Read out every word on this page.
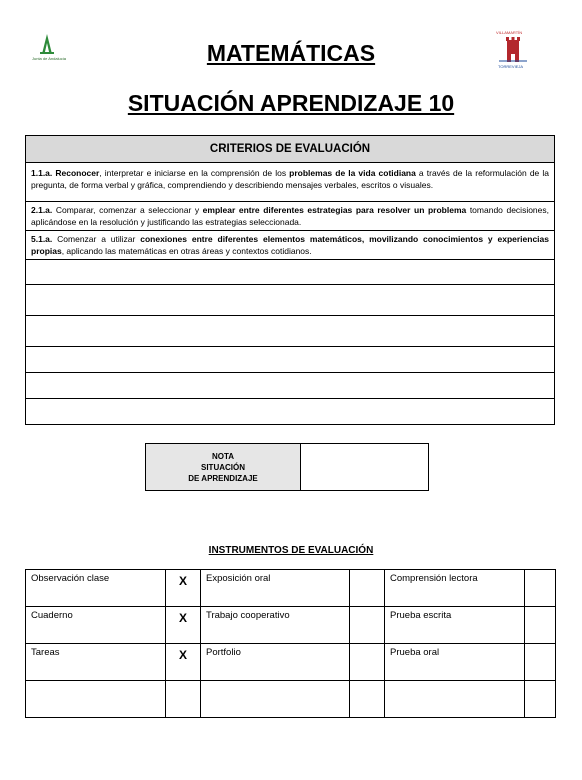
Junta de Andalucía
VILLAMARTÍN
TORREVIEJA
MATEMÁTICAS
SITUACIÓN APRENDIZAJE 10
CRITERIOS DE EVALUACIÓN
1.1.a. Reconocer, interpretar e iniciarse en la comprensión de los problemas de la vida cotidiana a través de la reformulación de la pregunta, de forma verbal y gráfica, comprendiendo y describiendo mensajes verbales, escritos o visuales.
2.1.a. Comparar, comenzar a seleccionar y emplear entre diferentes estrategias para resolver un problema tomando decisiones, aplicándose en la resolución y justificando las estrategias seleccionada.
5.1.a. Comenzar a utilizar conexiones entre diferentes elementos matemáticos, movilizando conocimientos y experiencias propias, aplicando las matemáticas en otras áreas y contextos cotidianos.

NOTA
SITUACIÓN
DE APRENDIZAJE

INSTRUMENTOS DE EVALUACIÓN
Observación clase	X	Exposición oral		Comprensión lectora	
Cuaderno	X	Trabajo cooperativo		Prueba escrita	
Tareas	X	Portfolio		Prueba oral	
